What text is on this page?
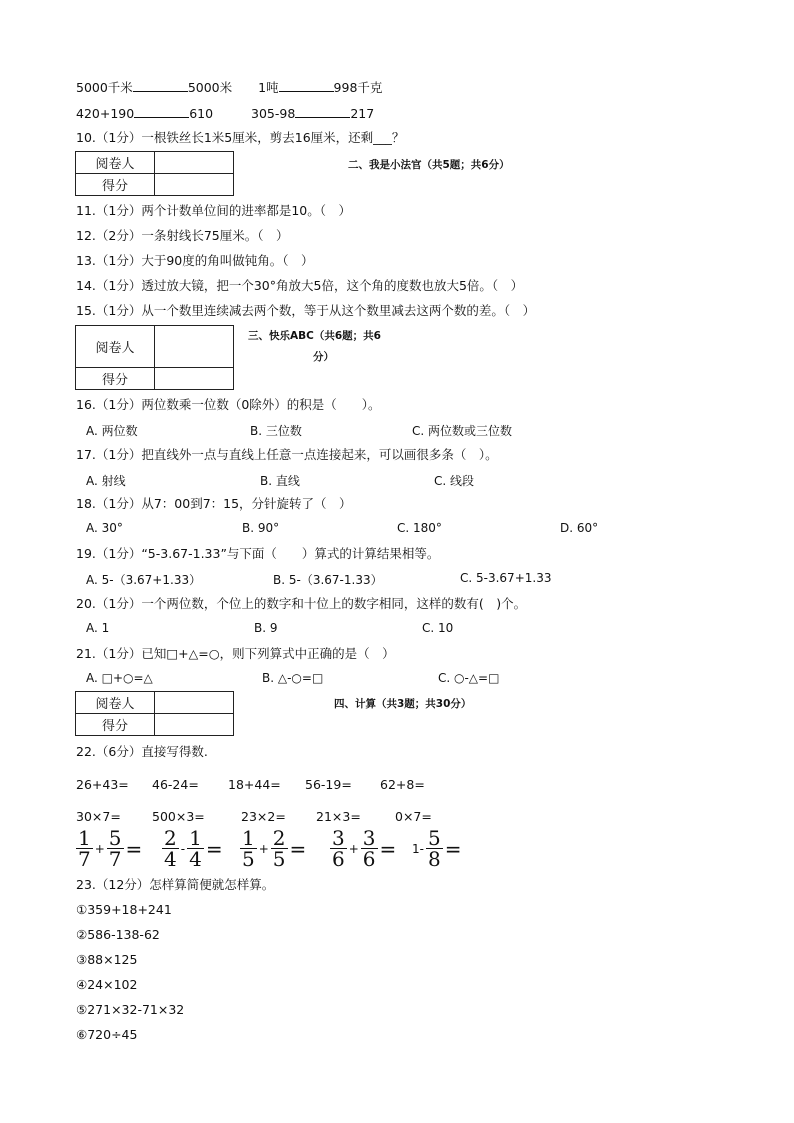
5000千米	5000米 1吨	998千克
420+190	610	305-98	217
10.（1分）一根铁丝长1米5厘米，剪去16厘米，还剩___？
阅卷人	
得分	
二、我是小法官（共5题；共6分）
11.（1分）两个计数单位间的进率都是10。（　）
12.（2分）一条射线长75厘米。（　）
13.（1分）大于90度的角叫做钝角。（　）
14.（1分）透过放大镜，把一个30°角放大5倍，这个角的度数也放大5倍。（　）
15.（1分）从一个数里连续减去两个数，等于从这个数里减去这两个数的差。（　）
阅卷人	
得分	
三、快乐ABC（共6题；共6
分）
16.（1分）两位数乘一位数（0除外）的积是（　　）。
A. 两位数	B. 三位数	C. 两位数或三位数
17.（1分）把直线外一点与直线上任意一点连接起来，可以画很多条（　）。
A. 射线	B. 直线	C. 线段
18.（1分）从7：00到7：15，分针旋转了（　）
A. 30°	B. 90°	C. 180°	D. 60°
19.（1分）“5-3.67-1.33”与下面（　　）算式的计算结果相等。
A. 5-（3.67+1.33）	B. 5-（3.67-1.33）	C. 5-3.67+1.33
20.（1分）一个两位数，个位上的数字和十位上的数字相同，这样的数有(　)个。
A. 1	B. 9	C. 10
21.（1分）已知□+△=○，则下列算式中正确的是（　）
A. □+○=△	B. △-○=□	C. ○-△=□
阅卷人	
得分	
四、计算（共3题；共30分）
22.（6分）直接写得数.
26+43= 46-24= 18+44= 56-19= 62+8=
30×7= 500×3=	23×2= 21×3=	0×7=
$\frac{1}{7} + \frac{5}{7} = \frac{2}{4} - \frac{1}{4} = \frac{1}{5} + \frac{2}{5} = \frac{3}{6} + \frac{3}{6} = 1- \frac{5}{8}$ =
23.（12分）怎样算简便就怎样算。
①359+18+241
②586-138-62
③88×125
④24×102
⑤271×32-71×32
⑥720÷45
